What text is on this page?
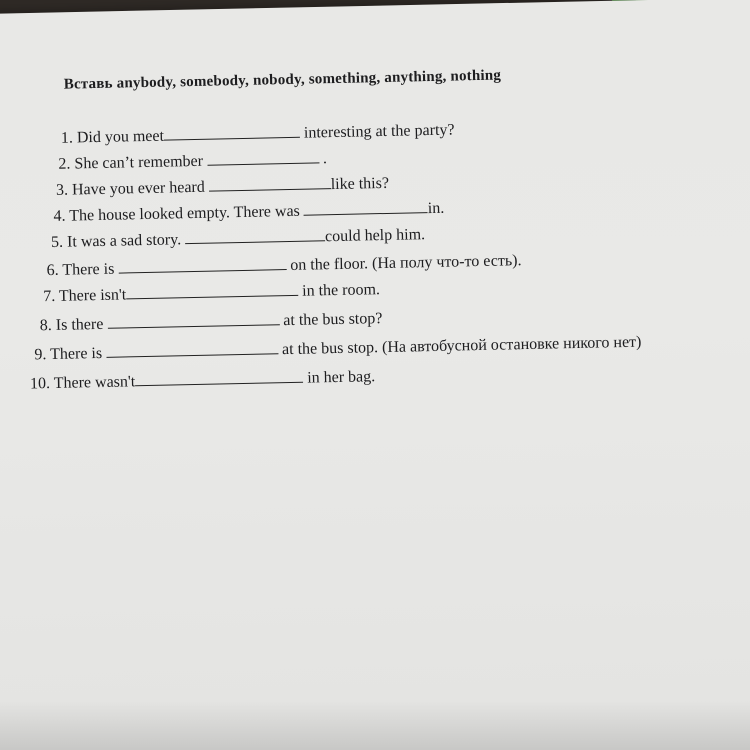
Вставь anybody, somebody, nobody, something, anything, nothing
1. Did you meet	interesting at the party?
2. She can’t remember	.
3. Have you ever heard	like this?
4. The house looked empty. There was	in.
5. It was a sad story.	could help him.
6. There is	on the floor. (На полу что-то есть).
7. There isn't	in the room.
8. Is there	at the bus stop?
9. There is	at the bus stop. (На автобусной остановке никого нет)
10. There wasn't	in her bag.
